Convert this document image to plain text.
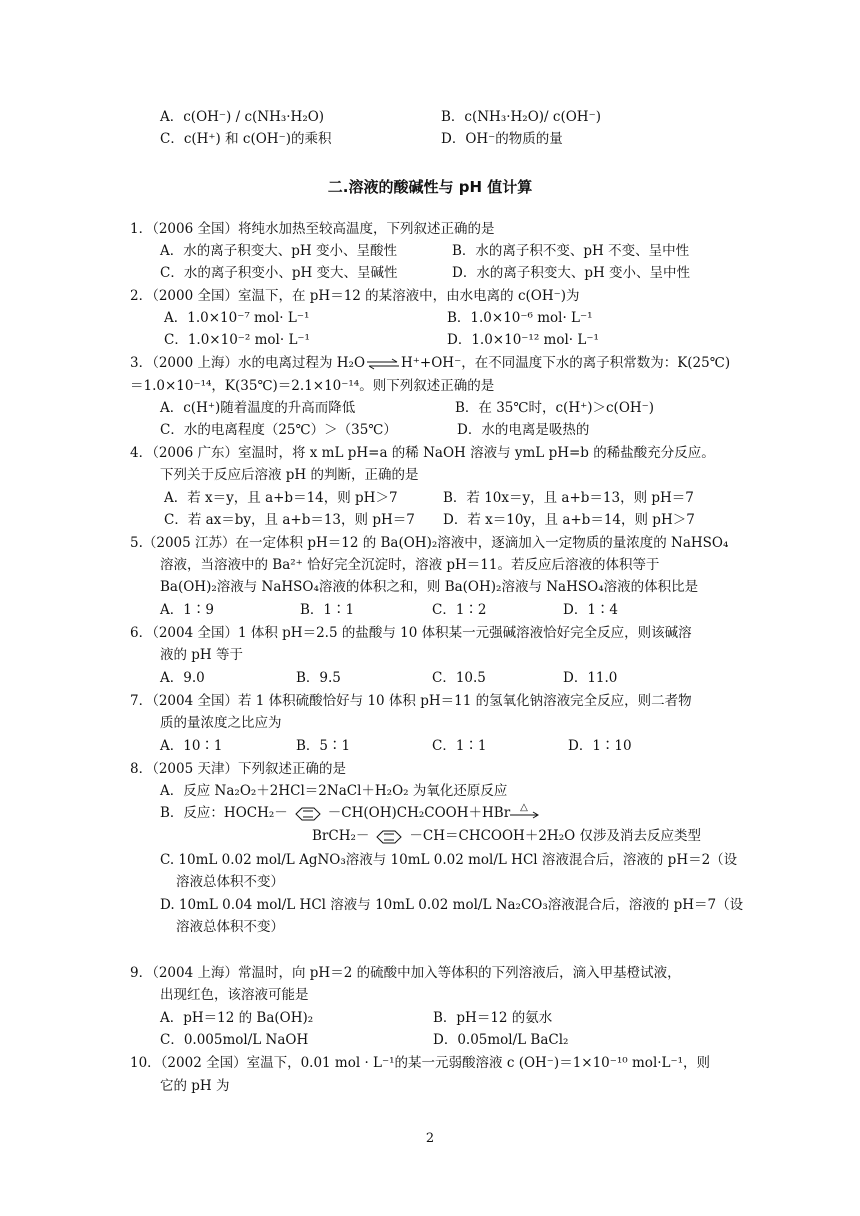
A．c(OH⁻) / c(NH₃·H₂O)	B．c(NH₃·H₂O)/ c(OH⁻)
C．c(H⁺) 和 c(OH⁻)的乘积	D．OH⁻的物质的量
二.溶液的酸碱性与 pH 值计算
1．（2006 全国）将纯水加热至较高温度，下列叙述正确的是
A．水的离子积变大、pH 变小、呈酸性	B．水的离子积不变、pH 不变、呈中性
C．水的离子积变小、pH 变大、呈碱性	D．水的离子积变大、pH 变小、呈中性
2．（2000 全国）室温下，在 pH＝12 的某溶液中，由水电离的 c(OH⁻)为
A．1.0×10⁻⁷ mol· L⁻¹	B．1.0×10⁻⁶ mol· L⁻¹
C．1.0×10⁻² mol· L⁻¹	D．1.0×10⁻¹² mol· L⁻¹
3．（2000 上海）水的电离过程为 H₂O⇌H⁺+OH⁻，在不同温度下水的离子积常数为：K(25℃)
＝1.0×10⁻¹⁴，K(35℃)＝2.1×10⁻¹⁴。则下列叙述正确的是
A．c(H⁺)随着温度的升高而降低	B．在 35℃时，c(H⁺)＞c(OH⁻)
C．水的电离程度（25℃）＞（35℃）	D．水的电离是吸热的
4．（2006 广东）室温时，将 x mL pH=a 的稀 NaOH 溶液与 ymL pH=b 的稀盐酸充分反应。
下列关于反应后溶液 pH 的判断，正确的是
A．若 x＝y，且 a+b＝14，则 pH＞7	B．若 10x＝y，且 a+b＝13，则 pH＝7
C．若 ax＝by，且 a+b＝13，则 pH＝7 D．若 x＝10y，且 a+b＝14，则 pH＞7
5.（2005 江苏）在一定体积 pH＝12 的 Ba(OH)₂溶液中，逐滴加入一定物质的量浓度的 NaHSO₄
溶液，当溶液中的 Ba²⁺ 恰好完全沉淀时，溶液 pH＝11。若反应后溶液的体积等于
Ba(OH)₂溶液与 NaHSO₄溶液的体积之和，则 Ba(OH)₂溶液与 NaHSO₄溶液的体积比是
A．1∶9	B．1∶1	C．1∶2	D．1∶4
6．（2004 全国）1 体积 pH＝2.5 的盐酸与 10 体积某一元强碱溶液恰好完全反应，则该碱溶
液的 pH 等于
A．9.0	B．9.5	C．10.5	D．11.0
7．（2004 全国）若 1 体积硫酸恰好与 10 体积 pH＝11 的氢氧化钠溶液完全反应，则二者物
质的量浓度之比应为
A．10∶1	B．5∶1	C．1∶1	D．1∶10
8．（2005 天津）下列叙述正确的是
A．反应 Na₂O₂＋2HCl＝2NaCl＋H₂O₂ 为氧化还原反应
B．反应：HOCH₂－	－CH(OH)CH₂COOH＋HBr △
BrCH₂－	－CH＝CHCOOH＋2H₂O 仅涉及消去反应类型
C. 10mL 0.02 mol/L AgNO₃溶液与 10mL 0.02 mol/L HCl 溶液混合后，溶液的 pH＝2（设
溶液总体积不变）
D. 10mL 0.04 mol/L HCl 溶液与 10mL 0.02 mol/L Na₂CO₃溶液混合后，溶液的 pH＝7（设
溶液总体积不变）
9．（2004 上海）常温时，向 pH＝2 的硫酸中加入等体积的下列溶液后，滴入甲基橙试液，
出现红色，该溶液可能是
A．pH＝12 的 Ba(OH)₂	B．pH＝12 的氨水
C．0.005mol/L NaOH	D．0.05mol/L BaCl₂
10．（2002 全国）室温下，0.01 mol · L⁻¹的某一元弱酸溶液 c (OH⁻)＝1×10⁻¹⁰ mol·L⁻¹，则
它的 pH 为
2
